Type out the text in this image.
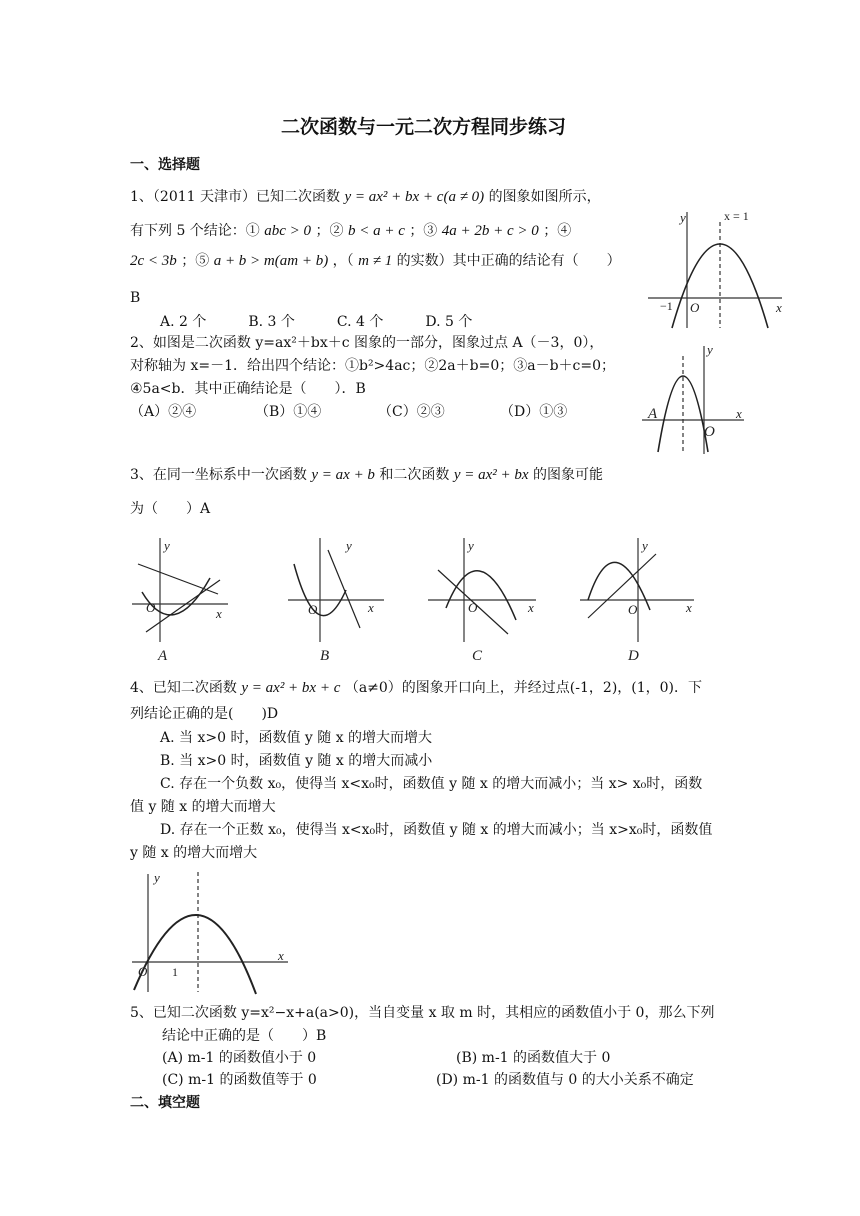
二次函数与一元二次方程同步练习
一、选择题
1、（2011 天津市）已知二次函数 y = ax² + bx + c(a ≠ 0) 的图象如图所示，
有下列 5 个结论：① abc > 0 ；② b < a + c ；③ 4a + 2b + c > 0 ；④
2c < 3b ；⑤ a + b > m(am + b) ，（ m ≠ 1 的实数）其中正确的结论有（　　）
B
A. 2 个　　　B. 3 个　　　C. 4 个　　　D. 5 个
y
x
x = 1
−1 O
2、如图是二次函数 y=ax²＋bx＋c 图象的一部分，图象过点 A（－3，0），
对称轴为 x=－1．给出四个结论：①b²>4ac；②2a＋b=0；③a－b＋c=0；
④5a<b．其中正确结论是（　　）．B
（A）②④	（B）①④	（C）②③	（D）①③
y
x
A
O
3、在同一坐标系中一次函数 y = ax + b 和二次函数 y = ax² + bx 的图象可能
为（　　）A
y
x
O
A
y
x
O
B
y
x
O
C
y
x
O
D
4、已知二次函数 y = ax² + bx + c （a≠0）的图象开口向上，并经过点(-1，2)，(1，0)．下
列结论正确的是(　　)D
A. 当 x>0 时，函数值 y 随 x 的增大而增大
B. 当 x>0 时，函数值 y 随 x 的增大而减小
C. 存在一个负数 x₀，使得当 x<x₀时，函数值 y 随 x 的增大而减小；当 x> x₀时，函数
值 y 随 x 的增大而增大
D. 存在一个正数 x₀，使得当 x<x₀时，函数值 y 随 x 的增大而减小；当 x>x₀时，函数值
y 随 x 的增大而增大
y
x
O 1
5、已知二次函数 y=x²−x+a(a>0)，当自变量 x 取 m 时，其相应的函数值小于 0，那么下列
结论中正确的是（　　）B
(A) m-1 的函数值小于 0	(B) m-1 的函数值大于 0
(C) m-1 的函数值等于 0	(D) m-1 的函数值与 0 的大小关系不确定
二、填空题
